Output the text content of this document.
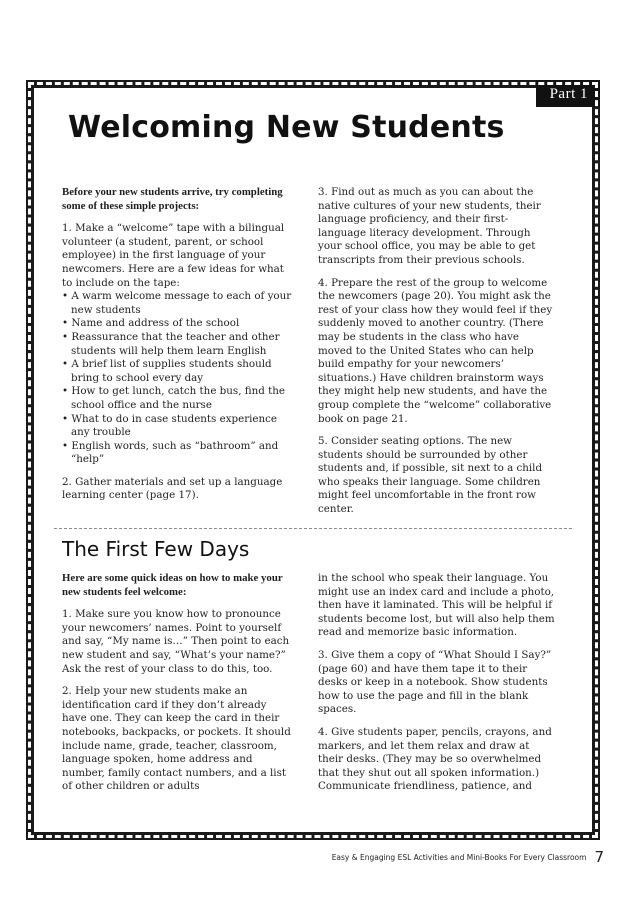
Part 1
Welcoming New Students

Before your new students arrive, try completing some of these simple projects:

1. Make a “welcome” tape with a bilingual volunteer (a student, parent, or school employee) in the first language of your newcomers. Here are a few ideas for what to include on the tape:

• A warm welcome message to each of your new students
• Name and address of the school
• Reassurance that the teacher and other students will help them learn English
• A brief list of supplies students should bring to school every day
• How to get lunch, catch the bus, find the school office and the nurse
• What to do in case students experience any trouble
• English words, such as “bathroom” and “help”

2. Gather materials and set up a language learning center (page 17).

3. Find out as much as you can about the native cultures of your new students, their language proficiency, and their first-language literacy development. Through your school office, you may be able to get transcripts from their previous schools.

4. Prepare the rest of the group to welcome the newcomers (page 20). You might ask the rest of your class how they would feel if they suddenly moved to another country. (There may be students in the class who have moved to the United States who can help build empathy for your newcomers’ situations.) Have children brainstorm ways they might help new students, and have the group complete the “welcome” collaborative book on page 21.

5. Consider seating options. The new students should be surrounded by other students and, if possible, sit next to a child who speaks their language. Some children might feel uncomfortable in the front row center.

The First Few Days

Here are some quick ideas on how to make your new students feel welcome:

1. Make sure you know how to pronounce your newcomers’ names. Point to yourself and say, “My name is…” Then point to each new student and say, “What’s your name?” Ask the rest of your class to do this, too.

2. Help your new students make an identification card if they don’t already have one. They can keep the card in their notebooks, backpacks, or pockets. It should include name, grade, teacher, classroom, language spoken, home address and number, family contact numbers, and a list of other children or adults

in the school who speak their language. You might use an index card and include a photo, then have it laminated. This will be helpful if students become lost, but will also help them read and memorize basic information.

3. Give them a copy of “What Should I Say?” (page 60) and have them tape it to their desks or keep in a notebook. Show students how to use the page and fill in the blank spaces.

4. Give students paper, pencils, crayons, and markers, and let them relax and draw at their desks. (They may be so overwhelmed that they shut out all spoken information.) Communicate friendliness, patience, and

Easy & Engaging ESL Activities and Mini-Books For Every Classroom 7
